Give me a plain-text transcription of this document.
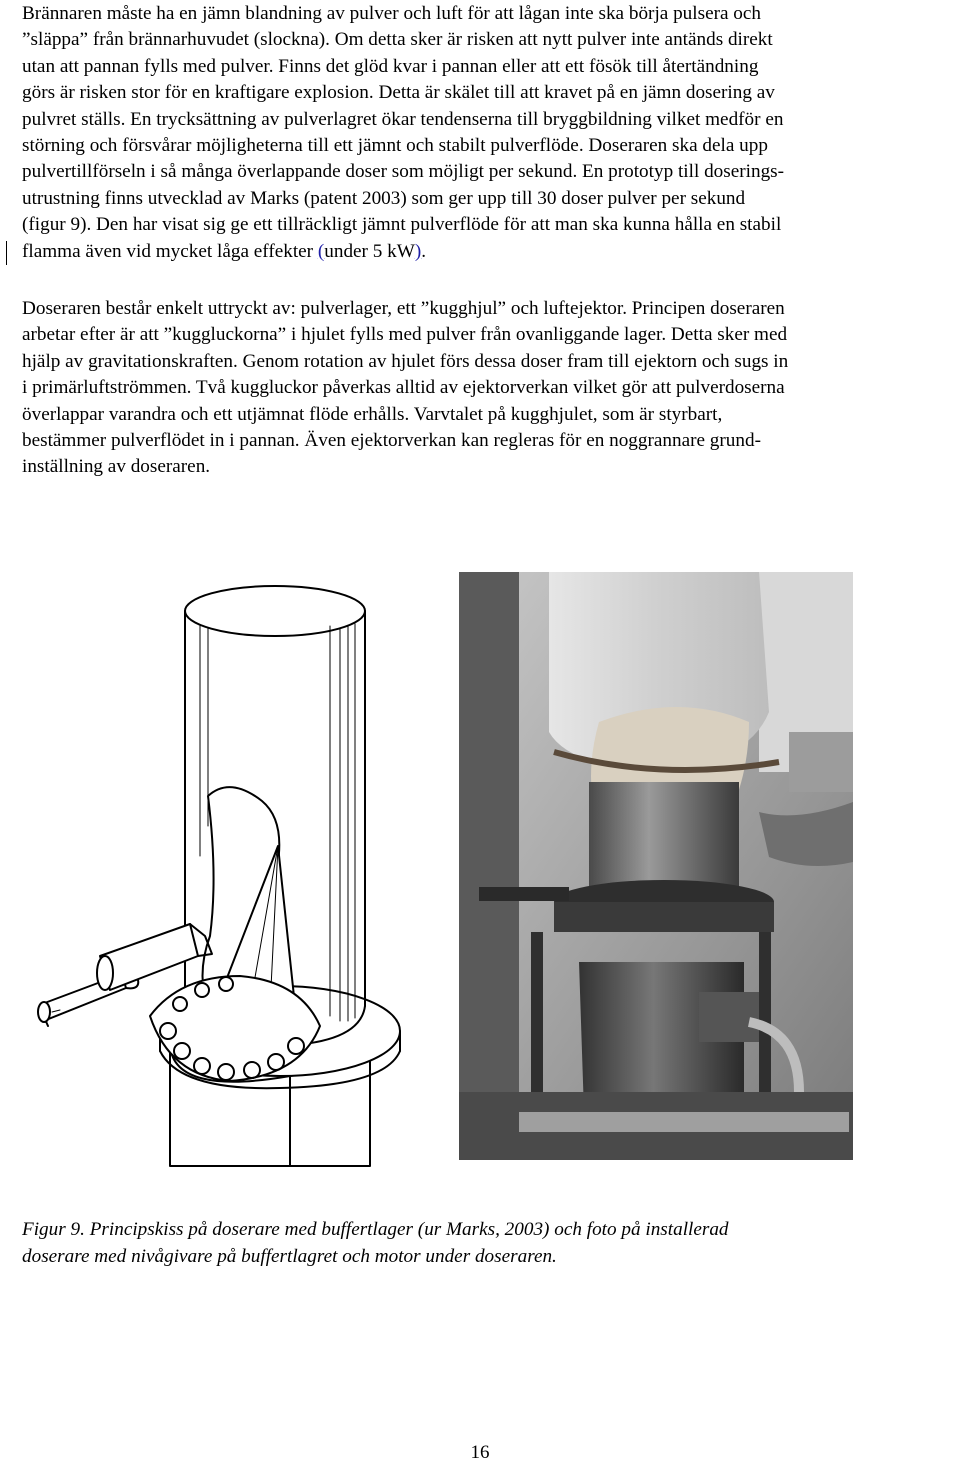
Brännaren måste ha en jämn blandning av pulver och luft för att lågan inte ska börja pulsera och
”släppa” från brännarhuvudet (slockna). Om detta sker är risken att nytt pulver inte antänds direkt
utan att pannan fylls med pulver. Finns det glöd kvar i pannan eller att ett fösök till återtändning
görs är risken stor för en kraftigare explosion. Detta är skälet till att kravet på en jämn dosering av
pulvret ställs. En trycksättning av pulverlagret ökar tendenserna till bryggbildning vilket medför en
störning och försvårar möjligheterna till ett jämnt och stabilt pulverflöde. Doseraren ska dela upp
pulvertillförseln i så många överlappande doser som möjligt per sekund. En prototyp till doserings-
utrustning finns utvecklad av Marks (patent 2003) som ger upp till 30 doser pulver per sekund
(figur 9). Den har visat sig ge ett tillräckligt jämnt pulverflöde för att man ska kunna hålla en stabil
flamma även vid mycket låga effekter (under 5 kW).
Doseraren består enkelt uttryckt av: pulverlager, ett ”kugghjul” och luftejektor. Principen doseraren
arbetar efter är att ”kuggluckorna” i hjulet fylls med pulver från ovanliggande lager. Detta sker med
hjälp av gravitationskraften. Genom rotation av hjulet förs dessa doser fram till ejektorn och sugs in
i primärluftströmmen. Två kuggluckor påverkas alltid av ejektorverkan vilket gör att pulverdoserna
överlappar varandra och ett utjämnat flöde erhålls. Varvtalet på kugghjulet, som är styrbart,
bestämmer pulverflödet in i pannan. Även ejektorverkan kan regleras för en noggrannare grund-
inställning av doseraren.

Figur 9. Principskiss på doserare med buffertlager (ur Marks, 2003) och foto på installerad
doserare med nivågivare på buffertlagret och motor under doseraren.

16
